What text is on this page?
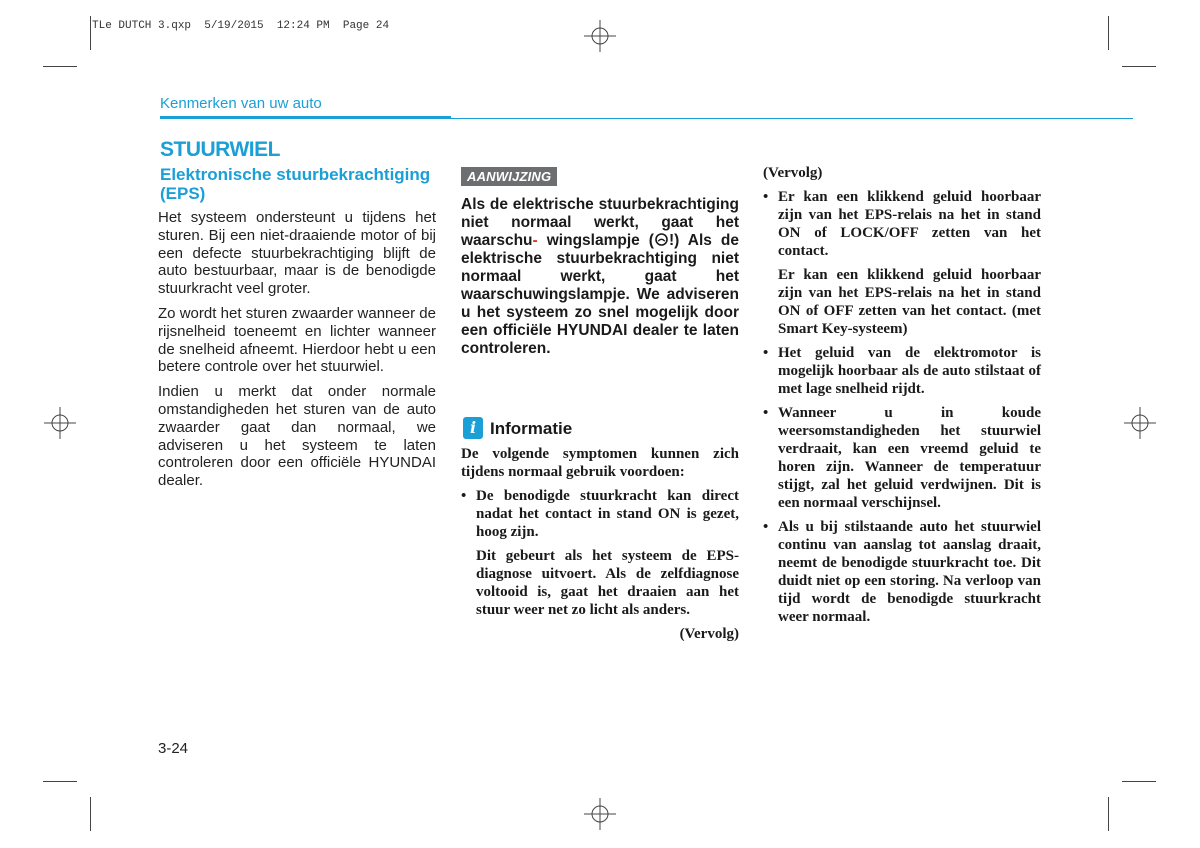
TLe DUTCH 3.qxp  5/19/2015  12:24 PM  Page 24
Kenmerken van uw auto
STUURWIEL
Elektronische stuurbekrachtiging (EPS)

Het systeem ondersteunt u tijdens het sturen. Bij een niet-draaiende motor of bij een defecte stuurbekrachtiging blijft de auto bestuurbaar, maar is de benodigde stuurkracht veel groter.

Zo wordt het sturen zwaarder wanneer de rijsnelheid toeneemt en lichter wanneer de snelheid afneemt. Hierdoor hebt u een betere controle over het stuurwiel.

Indien u merkt dat onder normale omstandigheden het sturen van de auto zwaarder gaat dan normaal, we adviseren u het systeem te laten controleren door een officiële HYUNDAI dealer.

AANWIJZING
Als de elektrische stuurbekrachtiging niet normaal werkt, gaat het waarschu- wingslampje ( !) Als de elektrische stuurbekrachtiging niet normaal werkt, gaat het waarschuwingslampje. We adviseren u het systeem zo snel mogelijk door een officiële HYUNDAI dealer te laten controleren.
i Informatie

De volgende symptomen kunnen zich tijdens normaal gebruik voordoen:

• De benodigde stuurkracht kan direct nadat het contact in stand ON is gezet, hoog zijn.

Dit gebeurt als het systeem de EPS-diagnose uitvoert. Als de zelfdiagnose voltooid is, gaat het draaien aan het stuur weer net zo licht als anders.

(Vervolg)

(Vervolg)

• Er kan een klikkend geluid hoorbaar zijn van het EPS-relais na het in stand ON of LOCK/OFF zetten van het contact.

Er kan een klikkend geluid hoorbaar zijn van het EPS-relais na het in stand ON of OFF zetten van het contact. (met Smart Key-systeem)

• Het geluid van de elektromotor is mogelijk hoorbaar als de auto stilstaat of met lage snelheid rijdt.

• Wanneer u in koude weersomstandigheden het stuurwiel verdraait, kan een vreemd geluid te horen zijn. Wanneer de temperatuur stijgt, zal het geluid verdwijnen. Dit is een normaal verschijnsel.

• Als u bij stilstaande auto het stuurwiel continu van aanslag tot aanslag draait, neemt de benodigde stuurkracht toe. Dit duidt niet op een storing. Na verloop van tijd wordt de benodigde stuurkracht weer normaal.

3-24
